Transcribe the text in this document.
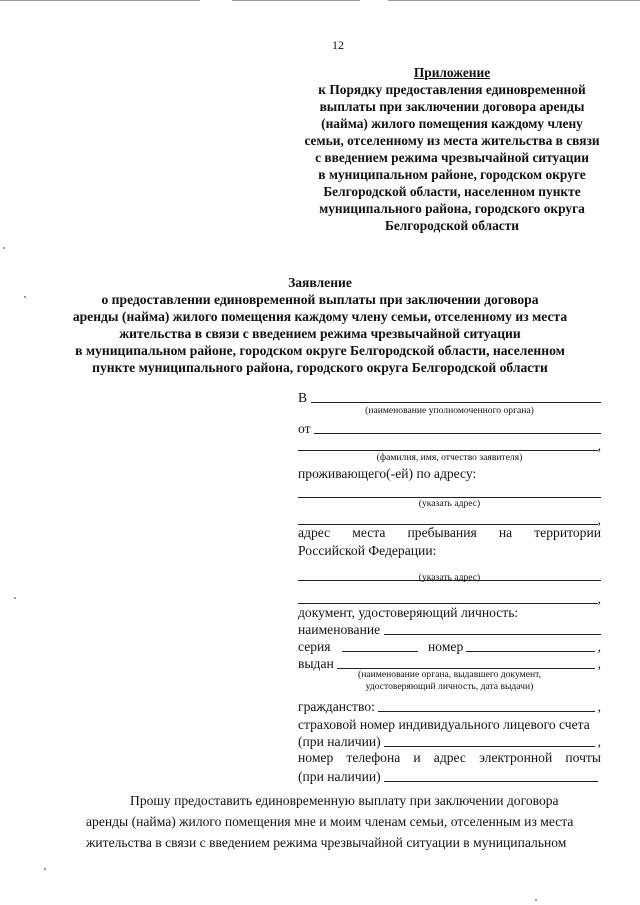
12
Приложение
к Порядку предоставления единовременной
выплаты при заключении договора аренды
(найма) жилого помещения каждому члену
семьи, отселенному из места жительства в связи
с введением режима чрезвычайной ситуации
в муниципальном районе, городском округе
Белгородской области, населенном пункте
муниципального района, городского округа
Белгородской области
Заявление
о предоставлении единовременной выплаты при заключении договора
аренды (найма) жилого помещения каждому члену семьи, отселенному из места
жительства в связи с введением режима чрезвычайной ситуации
в муниципальном районе, городском округе Белгородской области, населенном
пункте муниципального района, городского округа Белгородской области
В
(наименование уполномоченного органа)
от
,
(фамилия, имя, отчество заявителя)
проживающего(-ей) по адресу:
(указать адрес)
,
адрес места пребывания на территории
Российской Федерации:
(указать адрес)
,
документ, удостоверяющий личность:
наименование
серия	номер	,
выдан	,
(наименование органа, выдавшего документ,
удостоверяющий личность, дата выдачи)
гражданство:	,
страховой номер индивидуального лицевого счета
(при наличии)	,
номер телефона и адрес электронной почты
(при наличии)
Прошу предоставить единовременную выплату при заключении договора
аренды (найма) жилого помещения мне и моим членам семьи, отселенным из места
жительства в связи с введением режима чрезвычайной ситуации в муниципальном
